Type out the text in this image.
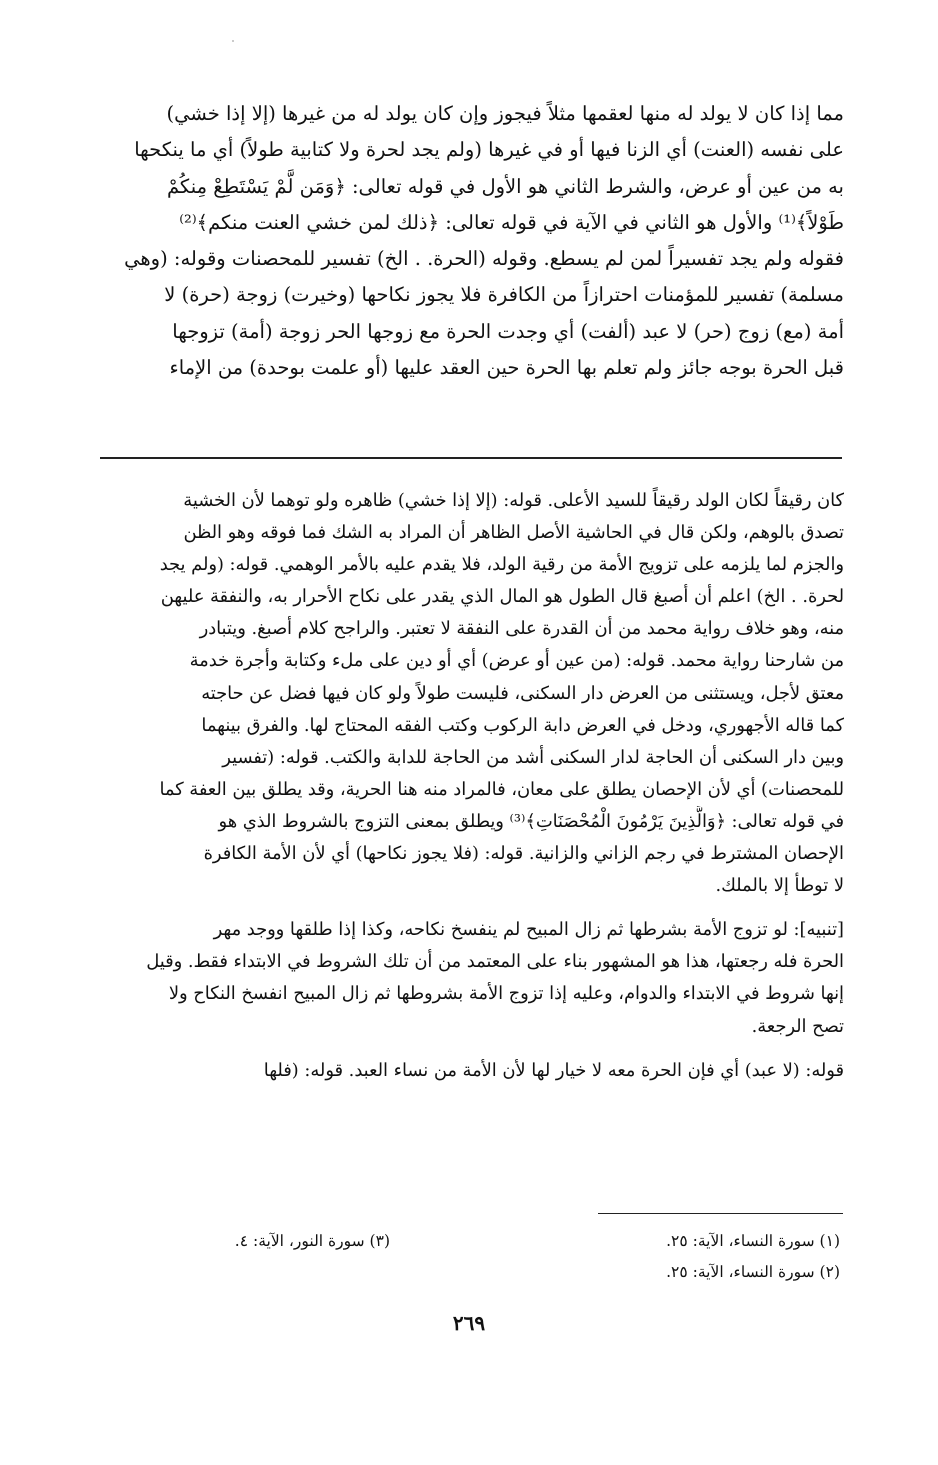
مما إذا كان لا يولد له منها لعقمها مثلاً فيجوز وإن كان يولد له من غيرها (إلا إذا خشي)
على نفسه (العنت) أي الزنا فيها أو في غيرها (ولم يجد لحرة ولا كتابية طولاً) أي ما ينكحها
به من عين أو عرض، والشرط الثاني هو الأول في قوله تعالى: ﴿وَمَن لَّمْ يَسْتَطِعْ مِنكُمْ
طَوْلاً﴾⁽¹⁾ والأول هو الثاني في الآية في قوله تعالى: ﴿ذلك لمن خشي العنت منكم﴾⁽²⁾
فقوله ولم يجد تفسيراً لمن لم يسطع. وقوله (الحرة. . الخ) تفسير للمحصنات وقوله: (وهي
مسلمة) تفسير للمؤمنات احترازاً من الكافرة فلا يجوز نكاحها (وخيرت) زوجة (حرة) لا
أمة (مع) زوج (حر) لا عبد (ألفت) أي وجدت الحرة مع زوجها الحر زوجة (أمة) تزوجها
قبل الحرة بوجه جائز ولم تعلم بها الحرة حين العقد عليها (أو علمت بوحدة) من الإماء
كان رقيقاً لكان الولد رقيقاً للسيد الأعلى. قوله: (إلا إذا خشي) ظاهره ولو توهما لأن الخشية
تصدق بالوهم، ولكن قال في الحاشية الأصل الظاهر أن المراد به الشك فما فوقه وهو الظن
والجزم لما يلزمه على تزويج الأمة من رقية الولد، فلا يقدم عليه بالأمر الوهمي. قوله: (ولم يجد
لحرة. . الخ) اعلم أن أصبغ قال الطول هو المال الذي يقدر على نكاح الأحرار به، والنفقة عليهن
منه، وهو خلاف رواية محمد من أن القدرة على النفقة لا تعتبر. والراجح كلام أصبغ. ويتبادر
من شارحنا رواية محمد. قوله: (من عين أو عرض) أي أو دين على ملء وكتابة وأجرة خدمة
معتق لأجل، ويستثنى من العرض دار السكنى، فليست طولاً ولو كان فيها فضل عن حاجته
كما قاله الأجهوري، ودخل في العرض دابة الركوب وكتب الفقه المحتاج لها. والفرق بينهما
وبين دار السكنى أن الحاجة لدار السكنى أشد من الحاجة للدابة والكتب. قوله: (تفسير
للمحصنات) أي لأن الإحصان يطلق على معان، فالمراد منه هنا الحرية، وقد يطلق بين العفة كما
في قوله تعالى: ﴿وَالَّذِينَ يَرْمُونَ الْمُحْصَنَاتِ﴾⁽³⁾ ويطلق بمعنى التزوج بالشروط الذي هو
الإحصان المشترط في رجم الزاني والزانية. قوله: (فلا يجوز نكاحها) أي لأن الأمة الكافرة
لا توطأ إلا بالملك.
[تنبيه]: لو تزوج الأمة بشرطها ثم زال المبيح لم ينفسخ نكاحه، وكذا إذا طلقها ووجد مهر
الحرة فله رجعتها، هذا هو المشهور بناء على المعتمد من أن تلك الشروط في الابتداء فقط. وقيل
إنها شروط في الابتداء والدوام، وعليه إذا تزوج الأمة بشروطها ثم زال المبيح انفسخ النكاح ولا
تصح الرجعة.
قوله: (لا عبد) أي فإن الحرة معه لا خيار لها لأن الأمة من نساء العبد. قوله: (فلها
(١) سورة النساء، الآية: ٢٥.
(٢) سورة النساء، الآية: ٢٥.
(٣) سورة النور، الآية: ٤.
٢٦٩
